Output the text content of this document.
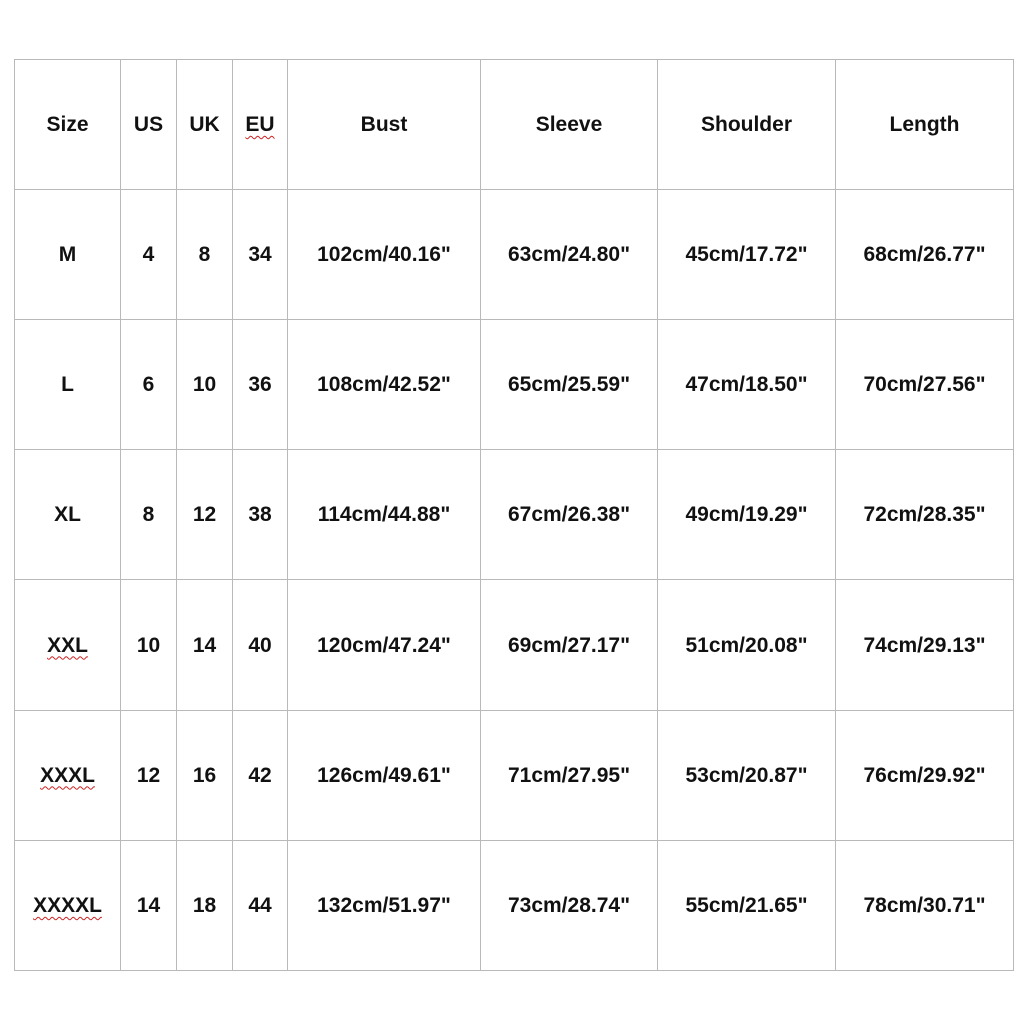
Size	US	UK	EU	Bust	Sleeve	Shoulder	Length
M	4	8	34	102cm/40.16"	63cm/24.80"	45cm/17.72"	68cm/26.77"
L	6	10	36	108cm/42.52"	65cm/25.59"	47cm/18.50"	70cm/27.56"
XL	8	12	38	114cm/44.88"	67cm/26.38"	49cm/19.29"	72cm/28.35"
XXL	10	14	40	120cm/47.24"	69cm/27.17"	51cm/20.08"	74cm/29.13"
XXXL	12	16	42	126cm/49.61"	71cm/27.95"	53cm/20.87"	76cm/29.92"
XXXXL	14	18	44	132cm/51.97"	73cm/28.74"	55cm/21.65"	78cm/30.71"
